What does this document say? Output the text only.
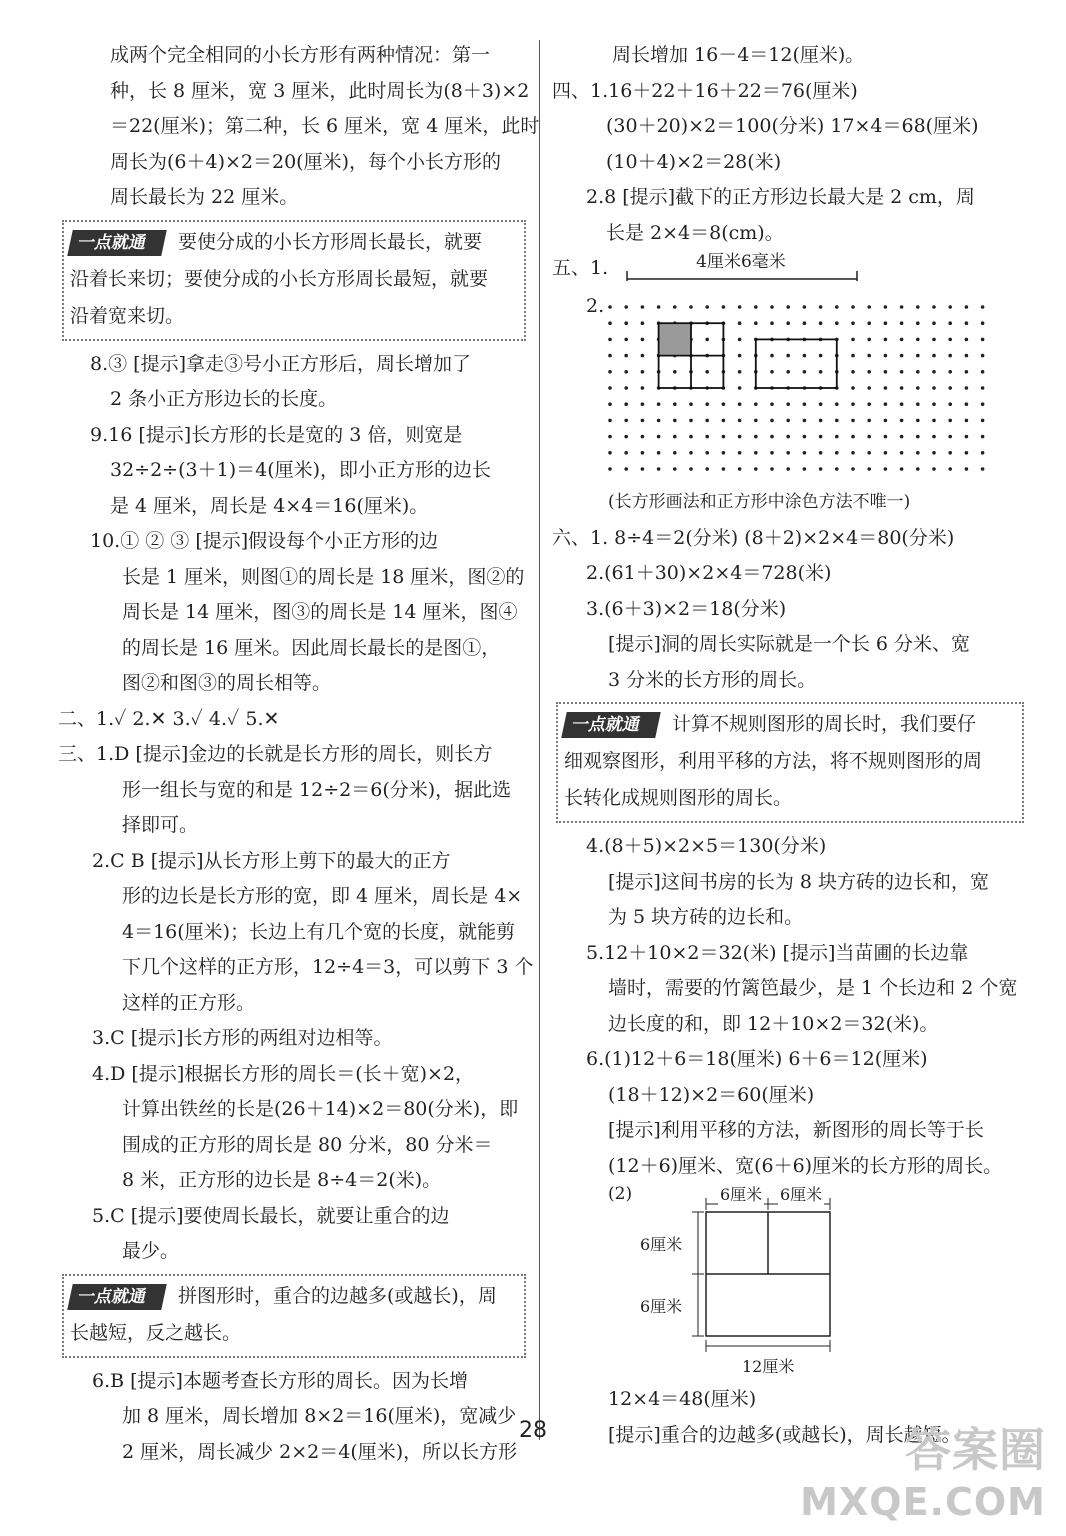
成两个完全相同的小长方形有两种情况：第一
种，长 8 厘米，宽 3 厘米，此时周长为(8＋3)×2
＝22(厘米)；第二种，长 6 厘米，宽 4 厘米，此时
周长为(6＋4)×2＝20(厘米)，每个小长方形的
周长最长为 22 厘米。
一点就通 要使分成的小长方形周长最长，就要
沿着长来切；要使分成的小长方形周长最短，就要
沿着宽来切。
8.③ [提示]拿走③号小正方形后，周长增加了
2 条小正方形边长的长度。
9.16 [提示]长方形的长是宽的 3 倍，则宽是
32÷2÷(3＋1)＝4(厘米)，即小正方形的边长
是 4 厘米，周长是 4×4＝16(厘米)。
10.① ② ③ [提示]假设每个小正方形的边
长是 1 厘米，则图①的周长是 18 厘米，图②的
周长是 14 厘米，图③的周长是 14 厘米，图④
的周长是 16 厘米。因此周长最长的是图①，
图②和图③的周长相等。
二、1.✓ 2.✕ 3.✓ 4.✓ 5.✕
三、1.D [提示]金边的长就是长方形的周长，则长方
形一组长与宽的和是 12÷2＝6(分米)，据此选
择即可。
2.C B [提示]从长方形上剪下的最大的正方
形的边长是长方形的宽，即 4 厘米，周长是 4×
4＝16(厘米)；长边上有几个宽的长度，就能剪
下几个这样的正方形，12÷4＝3，可以剪下 3 个
这样的正方形。
3.C [提示]长方形的两组对边相等。
4.D [提示]根据长方形的周长＝(长＋宽)×2，
计算出铁丝的长是(26＋14)×2＝80(分米)，即
围成的正方形的周长是 80 分米，80 分米＝
8 米，正方形的边长是 8÷4＝2(米)。
5.C [提示]要使周长最长，就要让重合的边
最少。
一点就通 拼图形时，重合的边越多(或越长)，周
长越短，反之越长。
6.B [提示]本题考查长方形的周长。因为长增
加 8 厘米，周长增加 8×2＝16(厘米)，宽减少
2 厘米，周长减少 2×2＝4(厘米)，所以长方形
周长增加 16－4＝12(厘米)。
四、1.16＋22＋16＋22＝76(厘米)
(30＋20)×2＝100(分米) 17×4＝68(厘米)
(10＋4)×2＝28(米)
2.8 [提示]截下的正方形边长最大是 2 cm，周
长是 2×4＝8(cm)。
五、1.	4厘米6毫米
2.
(长方形画法和正方形中涂色方法不唯一)
六、1. 8÷4＝2(分米) (8＋2)×2×4＝80(分米)
2.(61＋30)×2×4＝728(米)
3.(6＋3)×2＝18(分米)
[提示]洞的周长实际就是一个长 6 分米、宽
3 分米的长方形的周长。
一点就通 计算不规则图形的周长时，我们要仔
细观察图形，利用平移的方法，将不规则图形的周
长转化成规则图形的周长。
4.(8＋5)×2×5＝130(分米)
[提示]这间书房的长为 8 块方砖的边长和，宽
为 5 块方砖的边长和。
5.12＋10×2＝32(米) [提示]当苗圃的长边靠
墙时，需要的竹篱笆最少，是 1 个长边和 2 个宽
边长度的和，即 12＋10×2＝32(米)。
6.(1)12＋6＝18(厘米) 6＋6＝12(厘米)
(18＋12)×2＝60(厘米)
[提示]利用平移的方法，新图形的周长等于长
(12＋6)厘米、宽(6＋6)厘米的长方形的周长。
(2)	6厘米 6厘米
6厘米
6厘米
12厘米
12×4＝48(厘米)
[提示]重合的边越多(或越长)，周长越短。
28	答案圈
MXQE.COM
